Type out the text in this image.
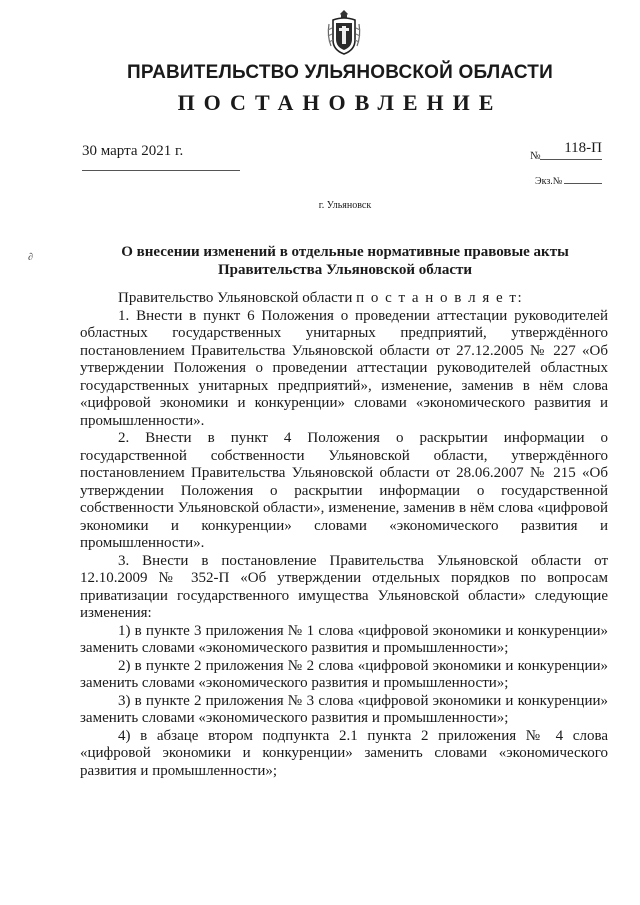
ПРАВИТЕЛЬСТВО УЛЬЯНОВСКОЙ ОБЛАСТИ
ПОСТАНОВЛЕНИЕ
30 марта 2021 г.	№	118-П
Экз.№
г. Ульяновск
∂	О внесении изменений в отдельные нормативные правовые акты
Правительства Ульяновской области

Правительство Ульяновской области п о с т а н о в л я е т:

1. Внести в пункт 6 Положения о проведении аттестации руководителей областных государственных унитарных предприятий, утверждённого постановлением Правительства Ульяновской области от 27.12.2005 № 227 «Об утверждении Положения о проведении аттестации руководителей областных государственных унитарных предприятий», изменение, заменив в нём слова «цифровой экономики и конкуренции» словами «экономического развития и промышленности».

2. Внести в пункт 4 Положения о раскрытии информации о государственной собственности Ульяновской области, утверждённого постановлением Правительства Ульяновской области от 28.06.2007 № 215 «Об утверждении Положения о раскрытии информации о государственной собственности Ульяновской области», изменение, заменив в нём слова «цифровой экономики и конкуренции» словами «экономического развития и промышленности».

3. Внести в постановление Правительства Ульяновской области от 12.10.2009 № 352-П «Об утверждении отдельных порядков по вопросам приватизации государственного имущества Ульяновской области» следующие изменения:

1) в пункте 3 приложения № 1 слова «цифровой экономики и конкуренции» заменить словами «экономического развития и промышленности»;

2) в пункте 2 приложения № 2 слова «цифровой экономики и конкуренции» заменить словами «экономического развития и промышленности»;

3) в пункте 2 приложения № 3 слова «цифровой экономики и конкуренции» заменить словами «экономического развития и промышленности»;

4) в абзаце втором подпункта 2.1 пункта 2 приложения № 4 слова «цифровой экономики и конкуренции» заменить словами «экономического развития и промышленности»;
